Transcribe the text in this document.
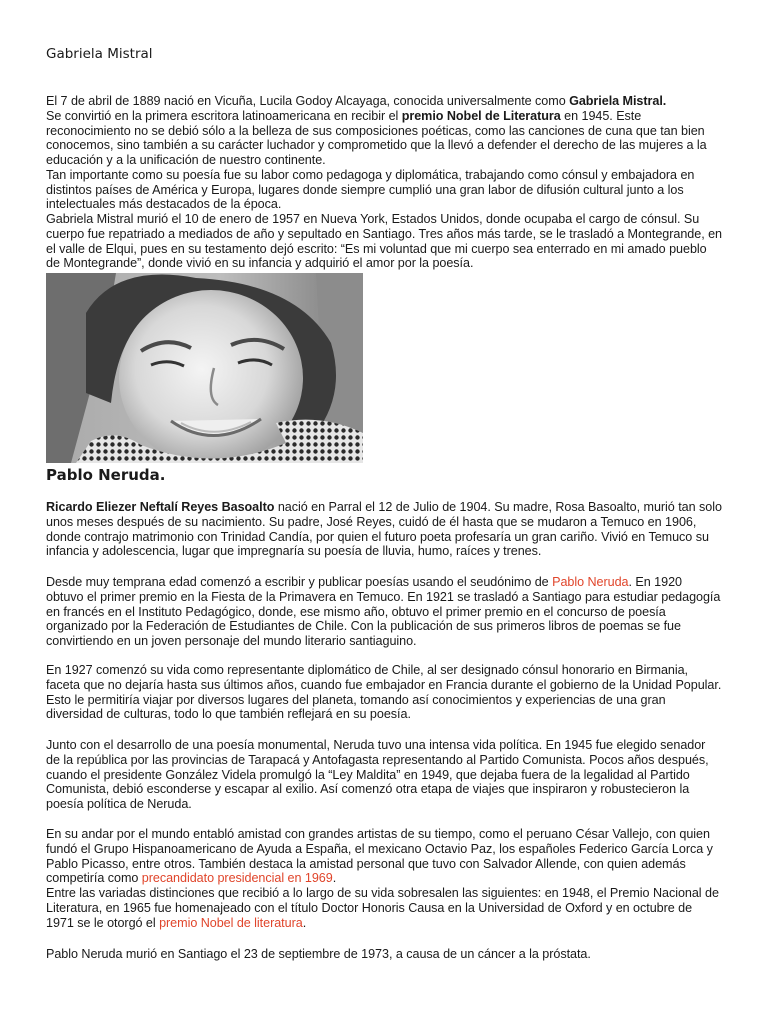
Gabriela Mistral

El 7 de abril de 1889 nació en Vicuña, Lucila Godoy Alcayaga, conocida universalmente como Gabriela Mistral.

Se convirtió en la primera escritora latinoamericana en recibir el premio Nobel de Literatura en 1945. Este reconocimiento no se debió sólo a la belleza de sus composiciones poéticas, como las canciones de cuna que tan bien conocemos, sino también a su carácter luchador y comprometido que la llevó a defender el derecho de las mujeres a la educación y a la unificación de nuestro continente.

Tan importante como su poesía fue su labor como pedagoga y diplomática, trabajando como cónsul y embajadora en distintos países de América y Europa, lugares donde siempre cumplió una gran labor de difusión cultural junto a los intelectuales más destacados de la época.

Gabriela Mistral murió el 10 de enero de 1957 en Nueva York, Estados Unidos, donde ocupaba el cargo de cónsul. Su cuerpo fue repatriado a mediados de año y sepultado en Santiago. Tres años más tarde, se le trasladó a Montegrande, en el valle de Elqui, pues en su testamento dejó escrito: “Es mi voluntad que mi cuerpo sea enterrado en mi amado pueblo de Montegrande”, donde vivió en su infancia y adquirió el amor por la poesía.

Pablo Neruda.

Ricardo Eliezer Neftalí Reyes Basoalto nació en Parral el 12 de Julio de 1904. Su madre, Rosa Basoalto, murió tan solo unos meses después de su nacimiento. Su padre, José Reyes, cuidó de él hasta que se mudaron a Temuco en 1906, donde contrajo matrimonio con Trinidad Candía, por quien el futuro poeta profesaría un gran cariño. Vivió en Temuco su infancia y adolescencia, lugar que impregnaría su poesía de lluvia, humo, raíces y trenes.

Desde muy temprana edad comenzó a escribir y publicar poesías usando el seudónimo de Pablo Neruda. En 1920 obtuvo el primer premio en la Fiesta de la Primavera en Temuco. En 1921 se trasladó a Santiago para estudiar pedagogía en francés en el Instituto Pedagógico, donde, ese mismo año, obtuvo el primer premio en el concurso de poesía organizado por la Federación de Estudiantes de Chile. Con la publicación de sus primeros libros de poemas se fue convirtiendo en un joven personaje del mundo literario santiaguino.

En 1927 comenzó su vida como representante diplomático de Chile, al ser designado cónsul honorario en Birmania, faceta que no dejaría hasta sus últimos años, cuando fue embajador en Francia durante el gobierno de la Unidad Popular. Esto le permitiría viajar por diversos lugares del planeta, tomando así conocimientos y experiencias de una gran diversidad de culturas, todo lo que también reflejará en su poesía.

Junto con el desarrollo de una poesía monumental, Neruda tuvo una intensa vida política. En 1945 fue elegido senador de la república por las provincias de Tarapacá y Antofagasta representando al Partido Comunista. Pocos años después, cuando el presidente González Videla promulgó la “Ley Maldita” en 1949, que dejaba fuera de la legalidad al Partido Comunista, debió esconderse y escapar al exilio. Así comenzó otra etapa de viajes que inspiraron y robustecieron la poesía política de Neruda.

En su andar por el mundo entabló amistad con grandes artistas de su tiempo, como el peruano César Vallejo, con quien fundó el Grupo Hispanoamericano de Ayuda a España, el mexicano Octavio Paz, los españoles Federico García Lorca y Pablo Picasso, entre otros. También destaca la amistad personal que tuvo con Salvador Allende, con quien además competiría como precandidato presidencial en 1969.

Entre las variadas distinciones que recibió a lo largo de su vida sobresalen las siguientes: en 1948, el Premio Nacional de Literatura, en 1965 fue homenajeado con el título Doctor Honoris Causa en la Universidad de Oxford y en octubre de 1971 se le otorgó el premio Nobel de literatura.

Pablo Neruda murió en Santiago el 23 de septiembre de 1973, a causa de un cáncer a la próstata.
